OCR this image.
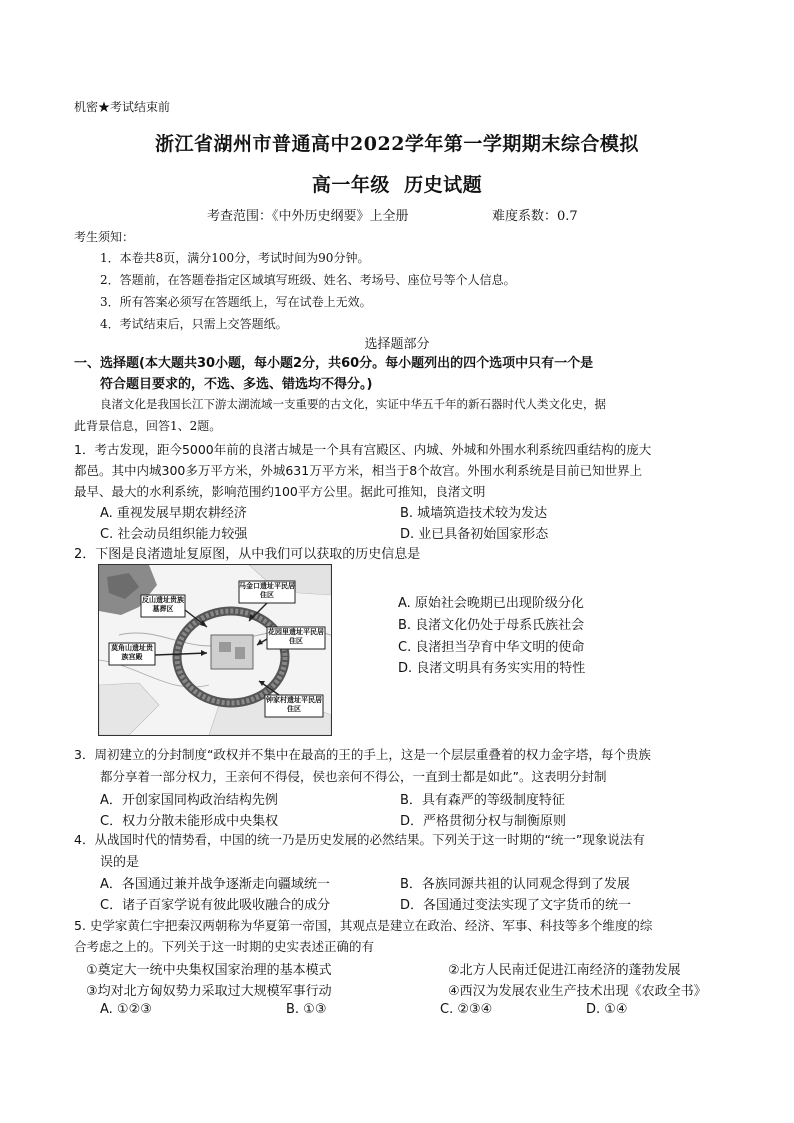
机密★考试结束前
浙江省湖州市普通高中2022学年第一学期期末综合模拟
高一年级  历史试题
考查范围：《中外历史纲要》上全册	难度系数：0.7
考生须知：
1．本卷共8页，满分100分，考试时间为90分钟。
2．答题前，在答题卷指定区域填写班级、姓名、考场号、座位号等个人信息。
3．所有答案必须写在答题纸上，写在试卷上无效。
4．考试结束后，只需上交答题纸。
选择题部分
一、选择题(本大题共30小题，每小题2分，共60分。每小题列出的四个选项中只有一个是
符合题目要求的，不选、多选、错选均不得分。)
良渚文化是我国长江下游太湖流域一支重要的古文化，实证中华五千年的新石器时代人类文化史，据
此背景信息，回答1、2题。
1．考古发现，距今5000年前的良渚古城是一个具有宫殿区、内城、外城和外围水利系统四重结构的庞大
都邑。其中内城300多万平方米，外城631万平方米，相当于8个故宫。外围水利系统是目前已知世界上
最早、最大的水利系统，影响范围约100平方公里。据此可推知，良渚文明
A. 重视发展早期农耕经济	B. 城墙筑造技术较为发达
C. 社会动员组织能力较强	D. 业已具备初始国家形态
2．下图是良渚遗址复原图，从中我们可以获取的历史信息是
反山遗址贵族墓葬区
马金口遗址平民居住区
花园里遗址平民居住区
莫角山遗址贵族宫殿
钟家村遗址平民居住区
A. 原始社会晚期已出现阶级分化
B. 良渚文化仍处于母系氏族社会
C. 良渚担当孕育中华文明的使命
D. 良渚文明具有务实实用的特性
3．周初建立的分封制度“政权并不集中在最高的王的手上，这是一个层层重叠着的权力金字塔，每个贵族
都分享着一部分权力，王亲何不得侵，侯也亲何不得公，一直到士都是如此”。这表明分封制
A．开创家国同构政治结构先例	B．具有森严的等级制度特征
C．权力分散未能形成中央集权	D．严格贯彻分权与制衡原则
4．从战国时代的情势看，中国的统一乃是历史发展的必然结果。下列关于这一时期的“统一”现象说法有
误的是
A．各国通过兼并战争逐渐走向疆域统一	B．各族同源共祖的认同观念得到了发展
C．诸子百家学说有彼此吸收融合的成分	D．各国通过变法实现了文字货币的统一
5. 史学家黄仁宇把秦汉两朝称为华夏第一帝国，其观点是建立在政治、经济、军事、科技等多个维度的综
合考虑之上的。下列关于这一时期的史实表述正确的有
①奠定大一统中央集权国家治理的基本模式	②北方人民南迁促进江南经济的蓬勃发展
③均对北方匈奴势力采取过大规模军事行动	④西汉为发展农业生产技术出现《农政全书》
A. ①②③	B. ①③	C. ②③④	D. ①④
